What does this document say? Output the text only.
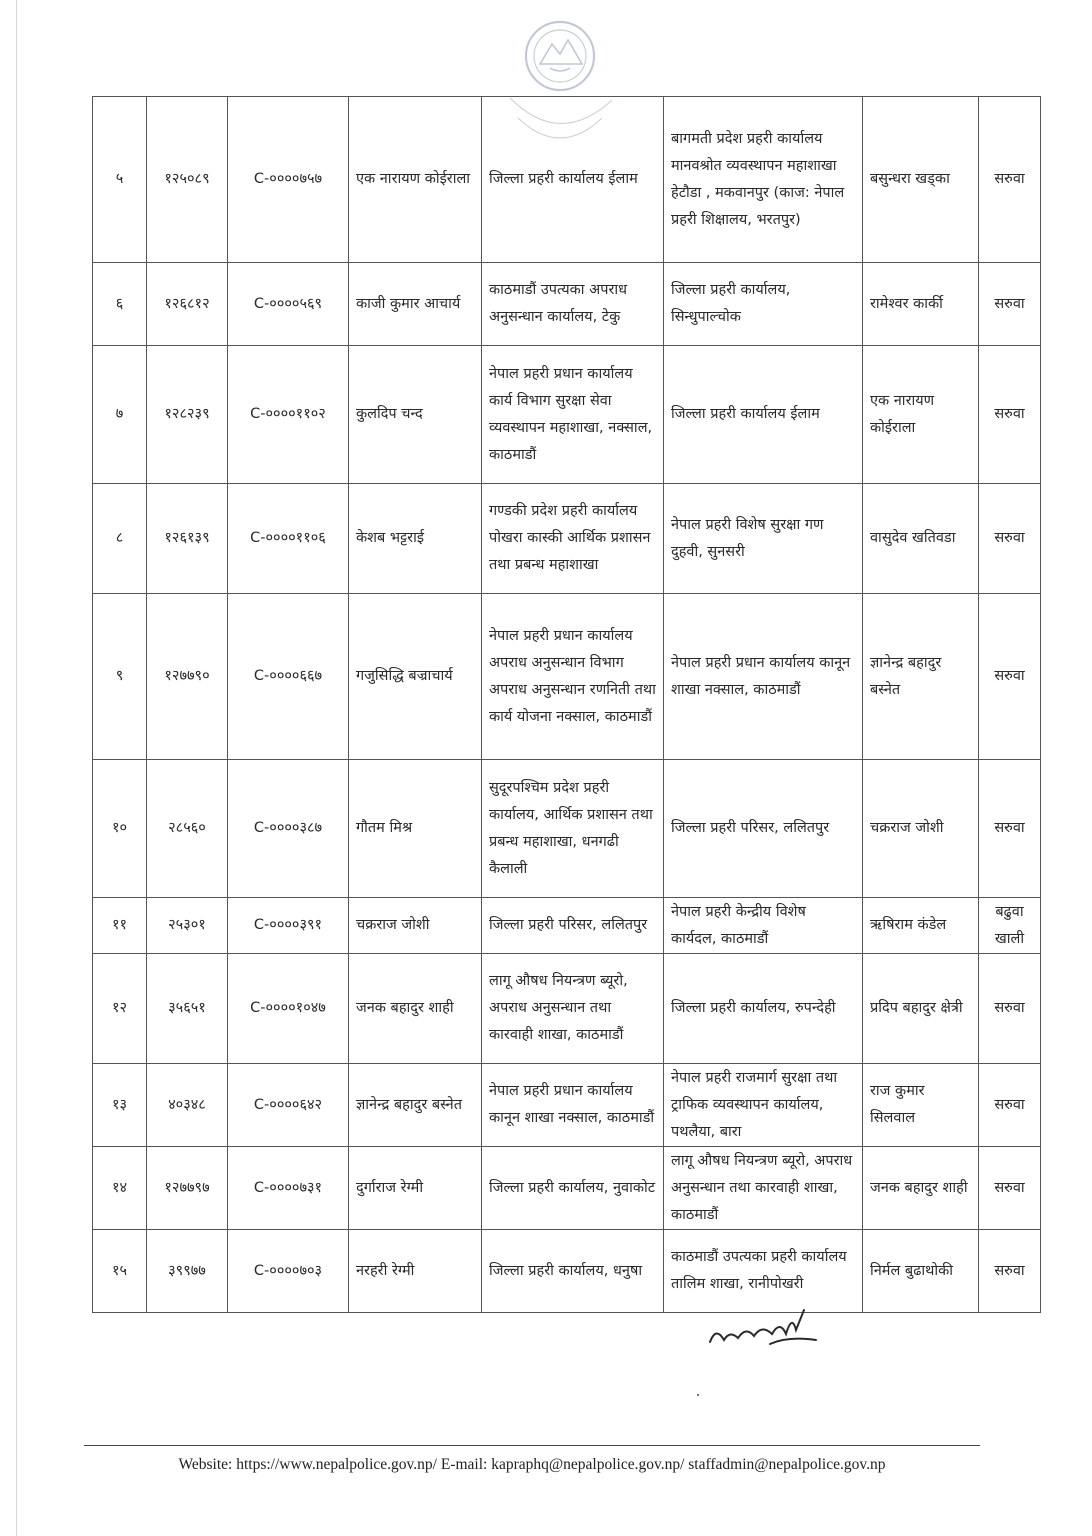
५	१२५०८९	C-००००७५७	एक नारायण कोईराला	जिल्ला प्रहरी कार्यालय ईलाम	बागमती प्रदेश प्रहरी कार्यालय मानवश्रोत व्यवस्थापन महाशाखा हेटौडा , मकवानपुर (काज: नेपाल प्रहरी शिक्षालय, भरतपुर)	बसुन्धरा खड्का	सरुवा
६	१२६८१२	C-००००५६९	काजी कुमार आचार्य	काठमाडौं उपत्यका अपराध अनुसन्धान कार्यालय, टेकु	जिल्ला प्रहरी कार्यालय, सिन्धुपाल्चोक	रामेश्वर कार्की	सरुवा
७	१२८२३९	C-००००११०२	कुलदिप चन्द	नेपाल प्रहरी प्रधान कार्यालय कार्य विभाग सुरक्षा सेवा व्यवस्थापन महाशाखा, नक्साल, काठमाडौं	जिल्ला प्रहरी कार्यालय ईलाम	एक नारायण कोईराला	सरुवा
८	१२६१३९	C-००००११०६	केशब भट्टराई	गण्डकी प्रदेश प्रहरी कार्यालय पोखरा कास्की आर्थिक प्रशासन तथा प्रबन्ध महाशाखा	नेपाल प्रहरी विशेष सुरक्षा गण दुहवी, सुनसरी	वासुदेव खतिवडा	सरुवा
९	१२७७९०	C-००००६६७	गजुसिद्धि बज्राचार्य	नेपाल प्रहरी प्रधान कार्यालय अपराध अनुसन्धान विभाग अपराध अनुसन्धान रणनिती तथा कार्य योजना नक्साल, काठमाडौं	नेपाल प्रहरी प्रधान कार्यालय कानून शाखा नक्साल, काठमाडौं	ज्ञानेन्द्र बहादुर बस्नेत	सरुवा
१०	२८५६०	C-००००३८७	गौतम मिश्र	सुदूरपश्चिम प्रदेश प्रहरी कार्यालय, आर्थिक प्रशासन तथा प्रबन्ध महाशाखा, धनगढी कैलाली	जिल्ला प्रहरी परिसर, ललितपुर	चक्रराज जोशी	सरुवा
११	२५३०१	C-००००३९१	चक्रराज जोशी	जिल्ला प्रहरी परिसर, ललितपुर	नेपाल प्रहरी केन्द्रीय विशेष कार्यदल, काठमाडौं	ऋषिराम कंडेल	बढुवा खाली
१२	३५६५१	C-००००१०४७	जनक बहादुर शाही	लागू औषध नियन्त्रण ब्यूरो, अपराध अनुसन्धान तथा कारवाही शाखा, काठमाडौं	जिल्ला प्रहरी कार्यालय, रुपन्देही	प्रदिप बहादुर क्षेत्री	सरुवा
१३	४०३४८	C-००००६४२	ज्ञानेन्द्र बहादुर बस्नेत	नेपाल प्रहरी प्रधान कार्यालय कानून शाखा नक्साल, काठमाडौं	नेपाल प्रहरी राजमार्ग सुरक्षा तथा ट्राफिक व्यवस्थापन कार्यालय, पथलैया, बारा	राज कुमार सिलवाल	सरुवा
१४	१२७७९७	C-००००७३१	दुर्गाराज रेग्मी	जिल्ला प्रहरी कार्यालय, नुवाकोट	लागू औषध नियन्त्रण ब्यूरो, अपराध अनुसन्धान तथा कारवाही शाखा, काठमाडौं	जनक बहादुर शाही	सरुवा
१५	३९९७७	C-००००७०३	नरहरी रेग्मी	जिल्ला प्रहरी कार्यालय, धनुषा	काठमाडौं उपत्यका प्रहरी कार्यालय तालिम शाखा, रानीपोखरी	निर्मल बुढाथोकी	सरुवा
Website: https://www.nepalpolice.gov.np/ E-mail: kapraphq@nepalpolice.gov.np/ staffadmin@nepalpolice.gov.np
